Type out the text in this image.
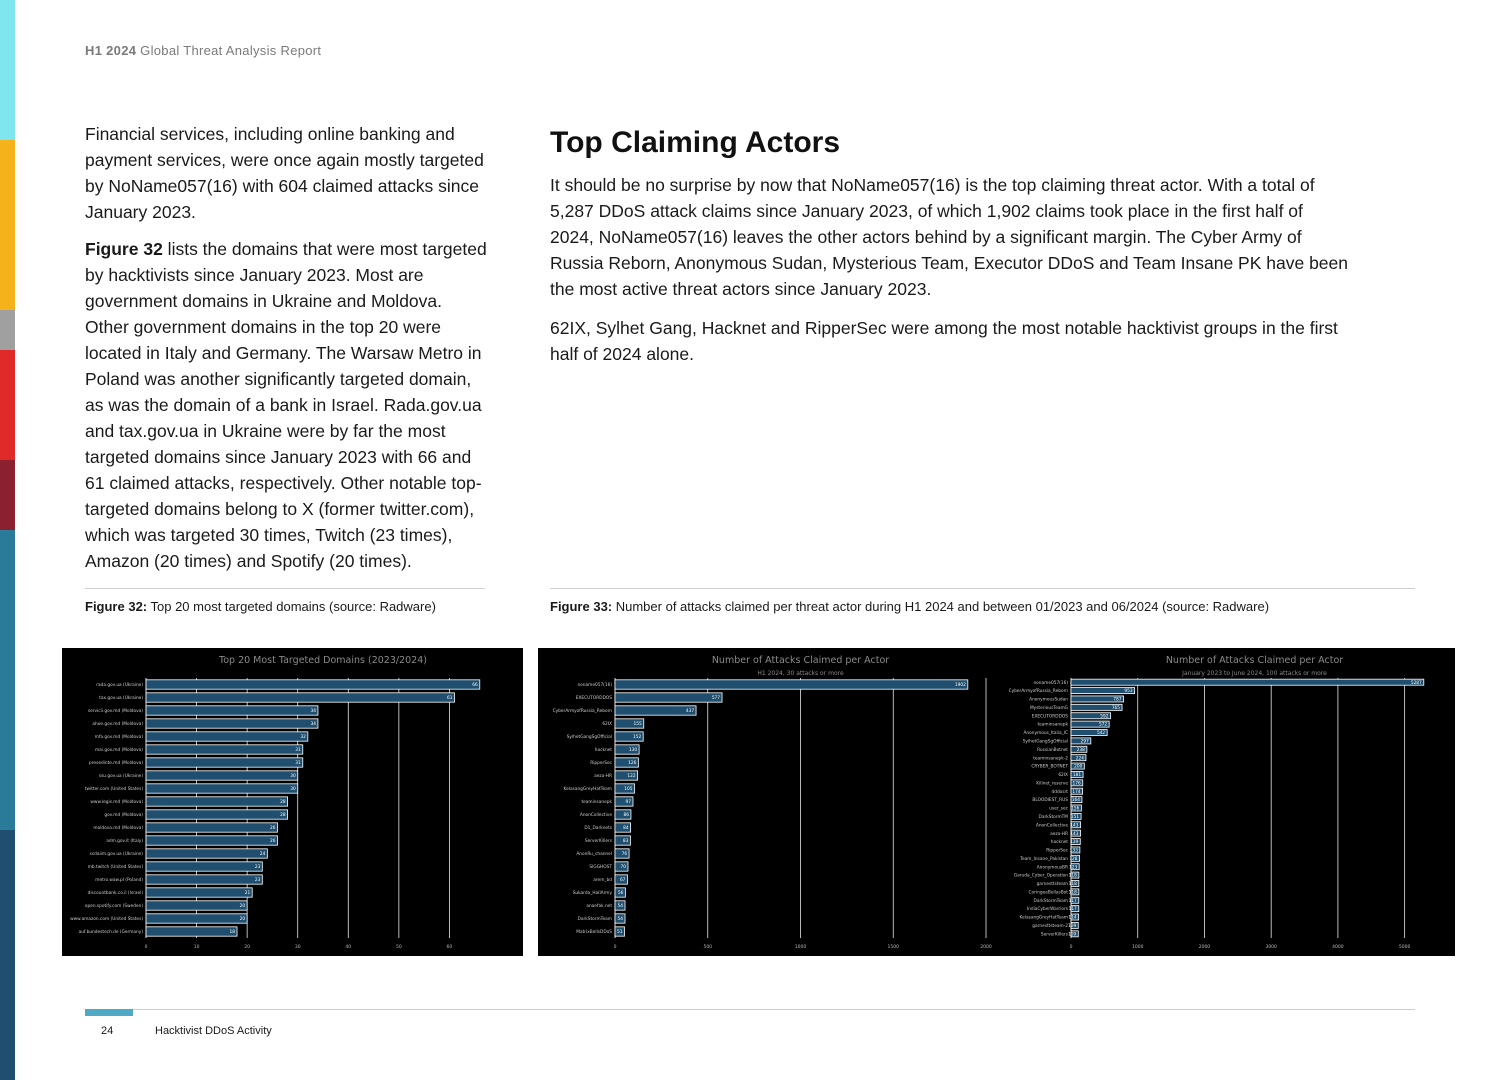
H1 2024 Global Threat Analysis Report

Financial services, including online banking and payment services, were once again mostly targeted by NoName057(16) with 604 claimed attacks since January 2023.

Figure 32 lists the domains that were most targeted by hacktivists since January 2023. Most are government domains in Ukraine and Moldova. Other government domains in the top 20 were located in Italy and Germany. The Warsaw Metro in Poland was another significantly targeted domain, as was the domain of a bank in Israel. Rada.gov.ua and tax.gov.ua in Ukraine were by far the most targeted domains since January 2023 with 66 and 61 claimed attacks, respectively. Other notable top-targeted domains belong to X (former twitter.com), which was targeted 30 times, Twitch (23 times), Amazon (20 times) and Spotify (20 times).

Top Claiming Actors

It should be no surprise by now that NoName057(16) is the top claiming threat actor. With a total of 5,287 DDoS attack claims since January 2023, of which 1,902 claims took place in the first half of 2024, NoName057(16) leaves the other actors behind by a significant margin. The Cyber Army of Russia Reborn, Anonymous Sudan, Mysterious Team, Executor DDoS and Team Insane PK have been the most active threat actors since January 2023.

62IX, Sylhet Gang, Hacknet and RipperSec were among the most notable hacktivist groups in the first half of 2024 alone.

Figure 32: Top 20 most targeted domains (source: Radware)	Figure 33: Number of attacks claimed per threat actor during H1 2024 and between 01/2023 and 06/2024 (source: Radware)
Top 20 Most Targeted Domains (2023/2024)
0	10	20	30	40	50	60
rada.gov.ua (Ukraine)	66
tax.gov.ua (Ukraine)	61
servicii.gov.md (Moldova)	34
ahoe.gov.md (Moldova)	34
mfa.gov.md (Moldova)	32
mai.gov.md (Moldova)	31
presedinte.md (Moldova)	31
ssu.gov.ua (Ukraine)	30
twitter.com (United States)	30
www.legis.md (Moldova)	28
gov.md (Moldova)	28
moldova.md (Moldova)	26
adm.gov.it (Italy)	26
ssdaiim.gov.ua (Ukraine)	24
mb.twitch (United States)	23
metro.waw.pl (Poland)	23
discountbank.co.il (Israel)	21
open.spotify.com (Sweden)	20
www.amazon.com (United States)	20
auf.bundestech.de (Germany)	18
Number of Attacks Claimed per Actor
H1 2024, 30 attacks or more
0	500	1000	1500	2000
noname057(16)	1902
EXECUTORDDOS	577
CyberArmyofRussia_Reborn	437
62IX	155
SylhetGangSgOfficial	152
hacknet	130
RipperSec	126
aeza-HR	122
KelasangGreyHatTeam	105
teaminsanepk	97
AnonCollective	86
D1_Darknets	84
ServerKillers	83
AnonRu_channel 76
SIGGHOST 70
arem_bd 67
Sukarda_HallArmy 56
anaefak.net 54
DarkStormTeam 54
MatrixBellsDDoS 51
Number of Attacks Claimed per Actor
January 2023 to June 2024, 100 attacks or more
0	1000	2000	3000	4000	5000
noname057(16)	5287
CyberArmyofRussia_Reborn	953
AnonymousSudan	787
MysteriousTeamG	765
EXECUTORDDOS	592
teaminsanepk	572
Anonymous_Italia_IC	542
SylhetGangSgOfficial	297
RussianBotnet 238
teaminsanepk-2 224
CRYBER_BOTNET 200
62IX 181
Killnet_reserve 176
dddosrt 174
BLOODIEST_RUS 164
user_sec 156
DarkStormTM 151
AnonCollective 143
aeza-HR 143
hacknet 139
RipperSec 133
Team_Insane_Pakistan 128
AnonymousBR 123
Garuda_Cyber_Operation 118
garnesttsteam 118
CoringeeBellasBot 118
DarkStormTeam 117
IndiaCyberWarriors 117
KelasangGreyHatTeam 114
garnesttsteam-2 109
ServerKillers 109
24	Hacktivist DDoS Activity
